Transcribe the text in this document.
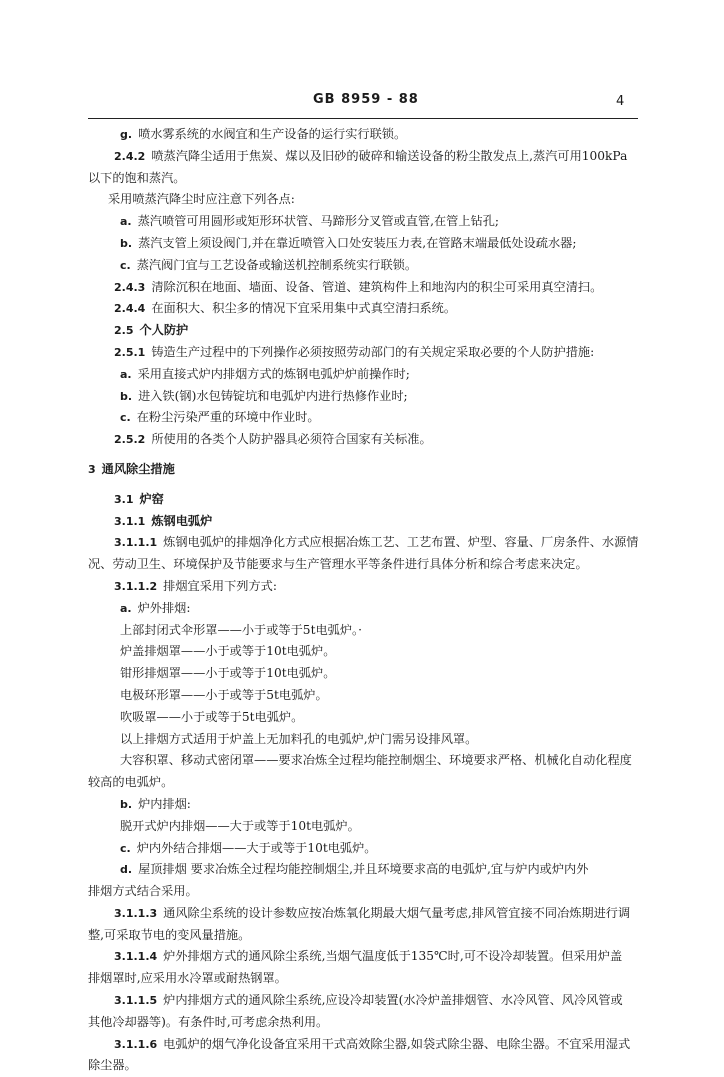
GB 8959 - 88	4
g. 喷水雾系统的水阀宜和生产设备的运行实行联锁。
2.4.2 喷蒸汽降尘适用于焦炭、煤以及旧砂的破碎和输送设备的粉尘散发点上,蒸汽可用100kPa
以下的饱和蒸汽。
采用喷蒸汽降尘时应注意下列各点:
a. 蒸汽喷管可用圆形或矩形环状管、马蹄形分叉管或直管,在管上钻孔;
b. 蒸汽支管上须设阀门,并在靠近喷管入口处安装压力表,在管路末端最低处设疏水器;
c. 蒸汽阀门宜与工艺设备或输送机控制系统实行联锁。
2.4.3 清除沉积在地面、墙面、设备、管道、建筑构件上和地沟内的积尘可采用真空清扫。
2.4.4 在面积大、积尘多的情况下宜采用集中式真空清扫系统。
2.5 个人防护
2.5.1 铸造生产过程中的下列操作必须按照劳动部门的有关规定采取必要的个人防护措施:
a. 采用直接式炉内排烟方式的炼钢电弧炉炉前操作时;
b. 进入铁(钢)水包铸锭坑和电弧炉内进行热修作业时;
c. 在粉尘污染严重的环境中作业时。
2.5.2 所使用的各类个人防护器具必须符合国家有关标准。
3 通风除尘措施
3.1 炉窑
3.1.1 炼钢电弧炉
3.1.1.1 炼钢电弧炉的排烟净化方式应根据冶炼工艺、工艺布置、炉型、容量、厂房条件、水源情
况、劳动卫生、环境保护及节能要求与生产管理水平等条件进行具体分析和综合考虑来决定。
3.1.1.2 排烟宜采用下列方式:
a. 炉外排烟:
上部封闭式伞形罩——小于或等于5t电弧炉。·
炉盖排烟罩——小于或等于10t电弧炉。
钳形排烟罩——小于或等于10t电弧炉。
电极环形罩——小于或等于5t电弧炉。
吹吸罩——小于或等于5t电弧炉。
以上排烟方式适用于炉盖上无加料孔的电弧炉,炉门需另设排风罩。
大容积罩、移动式密闭罩——要求冶炼全过程均能控制烟尘、环境要求严格、机械化自动化程度
较高的电弧炉。
b. 炉内排烟:
脱开式炉内排烟——大于或等于10t电弧炉。
c. 炉内外结合排烟——大于或等于10t电弧炉。
d. 屋顶排烟 要求冶炼全过程均能控制烟尘,并且环境要求高的电弧炉,宜与炉内或炉内外
排烟方式结合采用。
3.1.1.3 通风除尘系统的设计参数应按冶炼氧化期最大烟气量考虑,排风管宜接不同冶炼期进行调
整,可采取节电的变风量措施。
3.1.1.4 炉外排烟方式的通风除尘系统,当烟气温度低于135℃时,可不设冷却装置。但采用炉盖
排烟罩时,应采用水冷罩或耐热钢罩。
3.1.1.5 炉内排烟方式的通风除尘系统,应设冷却装置(水冷炉盖排烟管、水冷风管、风冷风管或
其他冷却器等)。有条件时,可考虑余热利用。
3.1.1.6 电弧炉的烟气净化设备宜采用干式高效除尘器,如袋式除尘器、电除尘器。不宜采用湿式
除尘器。
